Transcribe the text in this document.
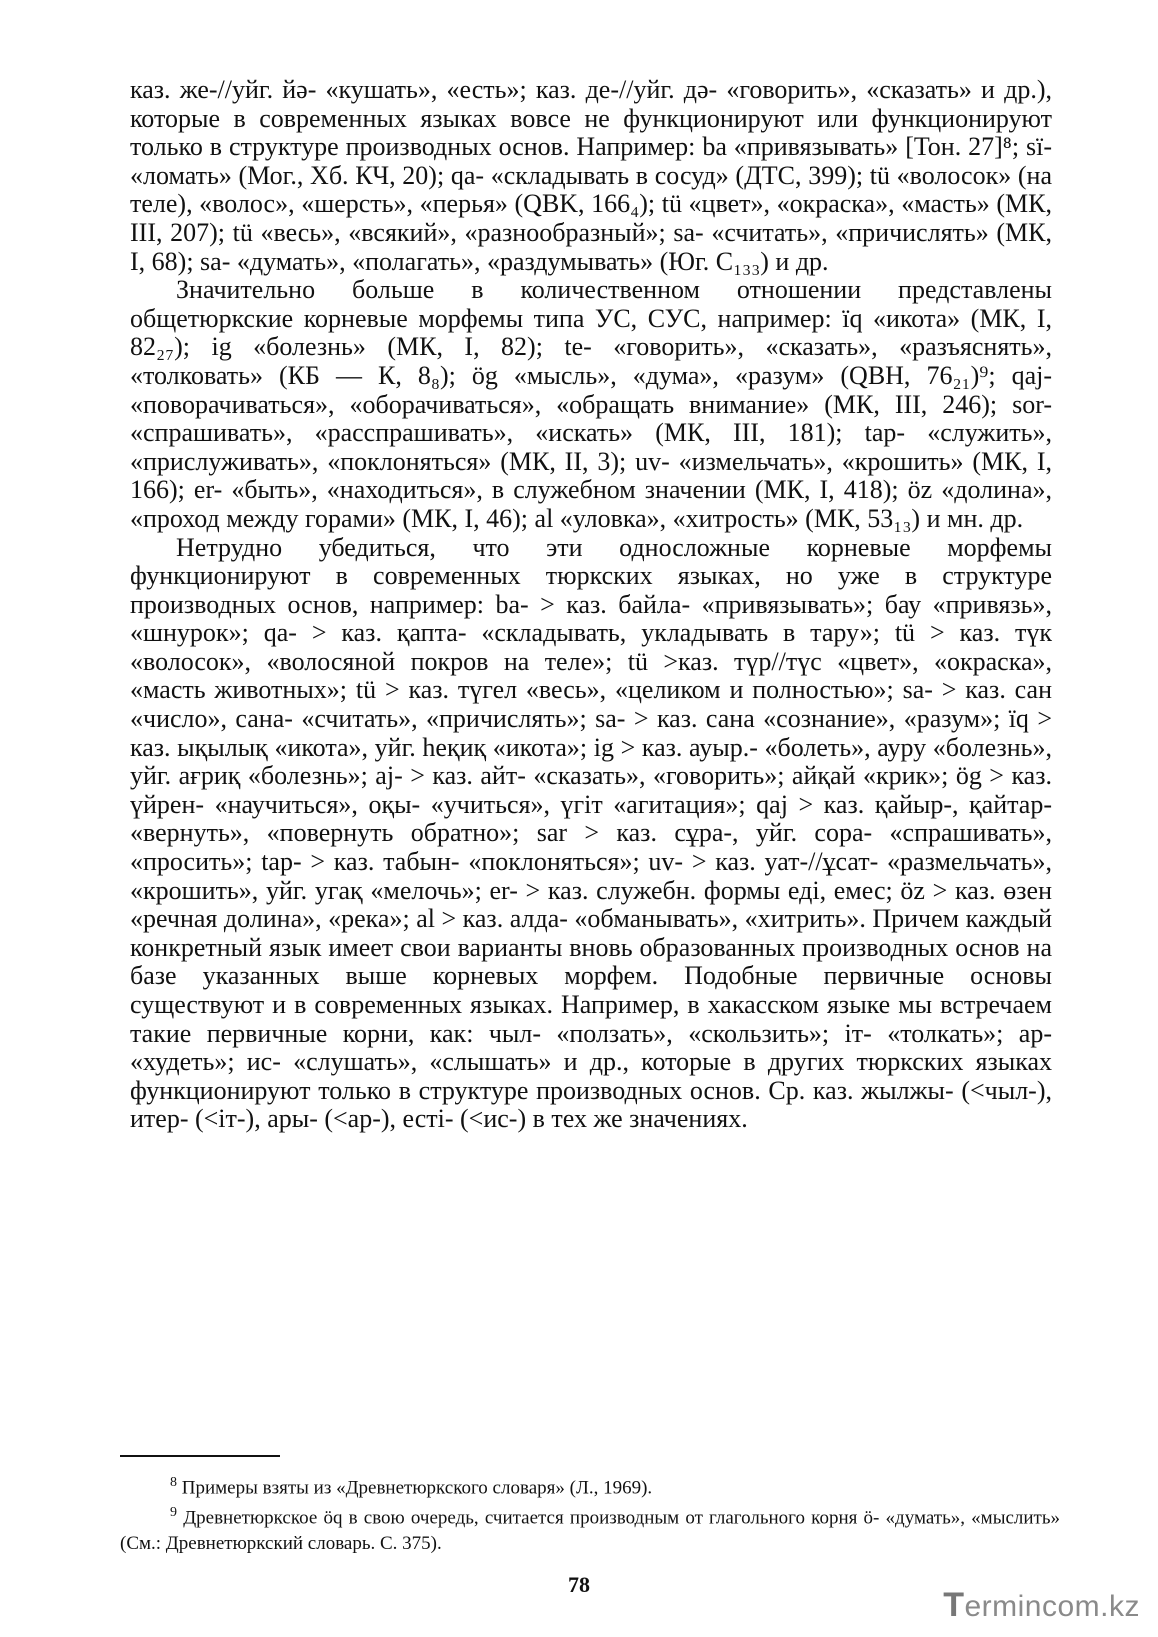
каз. же-//уйг. йә- «кушать», «есть»; каз. де-//уйг. дә- «говорить», «сказать» и др.), которые в современных языках вовсе не функционируют или функционируют только в структуре производных основ. Например: ba «привязывать» [Тон. 27]⁸; sï- «ломать» (Мог., Хб. КЧ, 20); qa- «складывать в сосуд» (ДТС, 399); tü «волосок» (на теле), «волос», «шерсть», «перья» (QBK, 166₄); tü «цвет», «окраска», «масть» (МК, III, 207); tü «весь», «всякий», «разнообразный»; sa- «считать», «причислять» (МК, I, 68); sa- «думать», «полагать», «раздумывать» (Юг. C₁₃₃) и др.

Значительно больше в количественном отношении представлены общетюркские корневые морфемы типа УС, СУС, например: ïq «икота» (МК, I, 82₂₇); ig «болезнь» (МК, I, 82); te- «говорить», «сказать», «разъяснять», «толковать» (КБ — К, 8₈); ög «мысль», «дума», «разум» (QBH, 76₂₁)⁹; qaj- «поворачиваться», «оборачиваться», «обращать внимание» (МК, III, 246); sor- «спрашивать», «расспрашивать», «искать» (МК, III, 181); tap- «служить», «прислуживать», «поклоняться» (МК, II, 3); uv- «измельчать», «крошить» (МК, I, 166); er- «быть», «находиться», в служебном значении (МК, I, 418); öz «долина», «проход между горами» (МК, I, 46); al «уловка», «хитрость» (МК, 53₁₃) и мн. др.

Нетрудно убедиться, что эти односложные корневые морфемы функционируют в современных тюркских языках, но уже в структуре производных основ, например: ba- > каз. байла- «привязывать»; бау «привязь», «шнурок»; qa- > каз. қапта- «складывать, укладывать в тару»; tü > каз. түк «волосок», «волосяной покров на теле»; tü >каз. түр//түс «цвет», «окраска», «масть животных»; tü > каз. түгел «весь», «целиком и полностью»; sa- > каз. сан «число», сана- «считать», «причислять»; sa- > каз. сана «сознание», «разум»; ïq > каз. ықылық «икота», уйг. һеқиқ «икота»; ig > каз. ауыр.- «болеть», ауру «болезнь», уйг. ағриқ «болезнь»; aj- > каз. айт- «сказать», «говорить»; айқай «крик»; ög > каз. үйрен- «научиться», оқы- «учиться», үгіт «агитация»; qaj > каз. қайыр-, қайтар- «вернуть», «повернуть обратно»; sar > каз. сұра-, уйг. сора- «спрашивать», «просить»; tap- > каз. табын- «поклоняться»; uv- > каз. уат-//ұсат- «размельчать», «крошить», уйг. угақ «мелочь»; er- > каз. служебн. формы еді, емес; öz > каз. өзен «речная долина», «река»; al > каз. алда- «обманывать», «хитрить». Причем каждый конкретный язык имеет свои варианты вновь образованных производных основ на базе указанных выше корневых морфем. Подобные первичные основы существуют и в современных языках. Например, в хакасском языке мы встречаем такие первичные корни, как: чыл- «ползать», «скользить»; іт- «толкать»; ар- «худеть»; ис- «слушать», «слышать» и др., которые в других тюркских языках функционируют только в структуре производных основ. Ср. каз. жылжы- (<чыл-), итер- (<іт-), ары- (<ар-), есті- (<ис-) в тех же значениях.

$^8$ Примеры взяты из «Древнетюркского словаря» (Л., 1969).

$^9$ Древнетюркское öq в свою очередь, считается производным от глагольного корня ö- «думать», «мыслить» (См.: Древнетюркский словарь. С. 375).

78
Termincom.kz
